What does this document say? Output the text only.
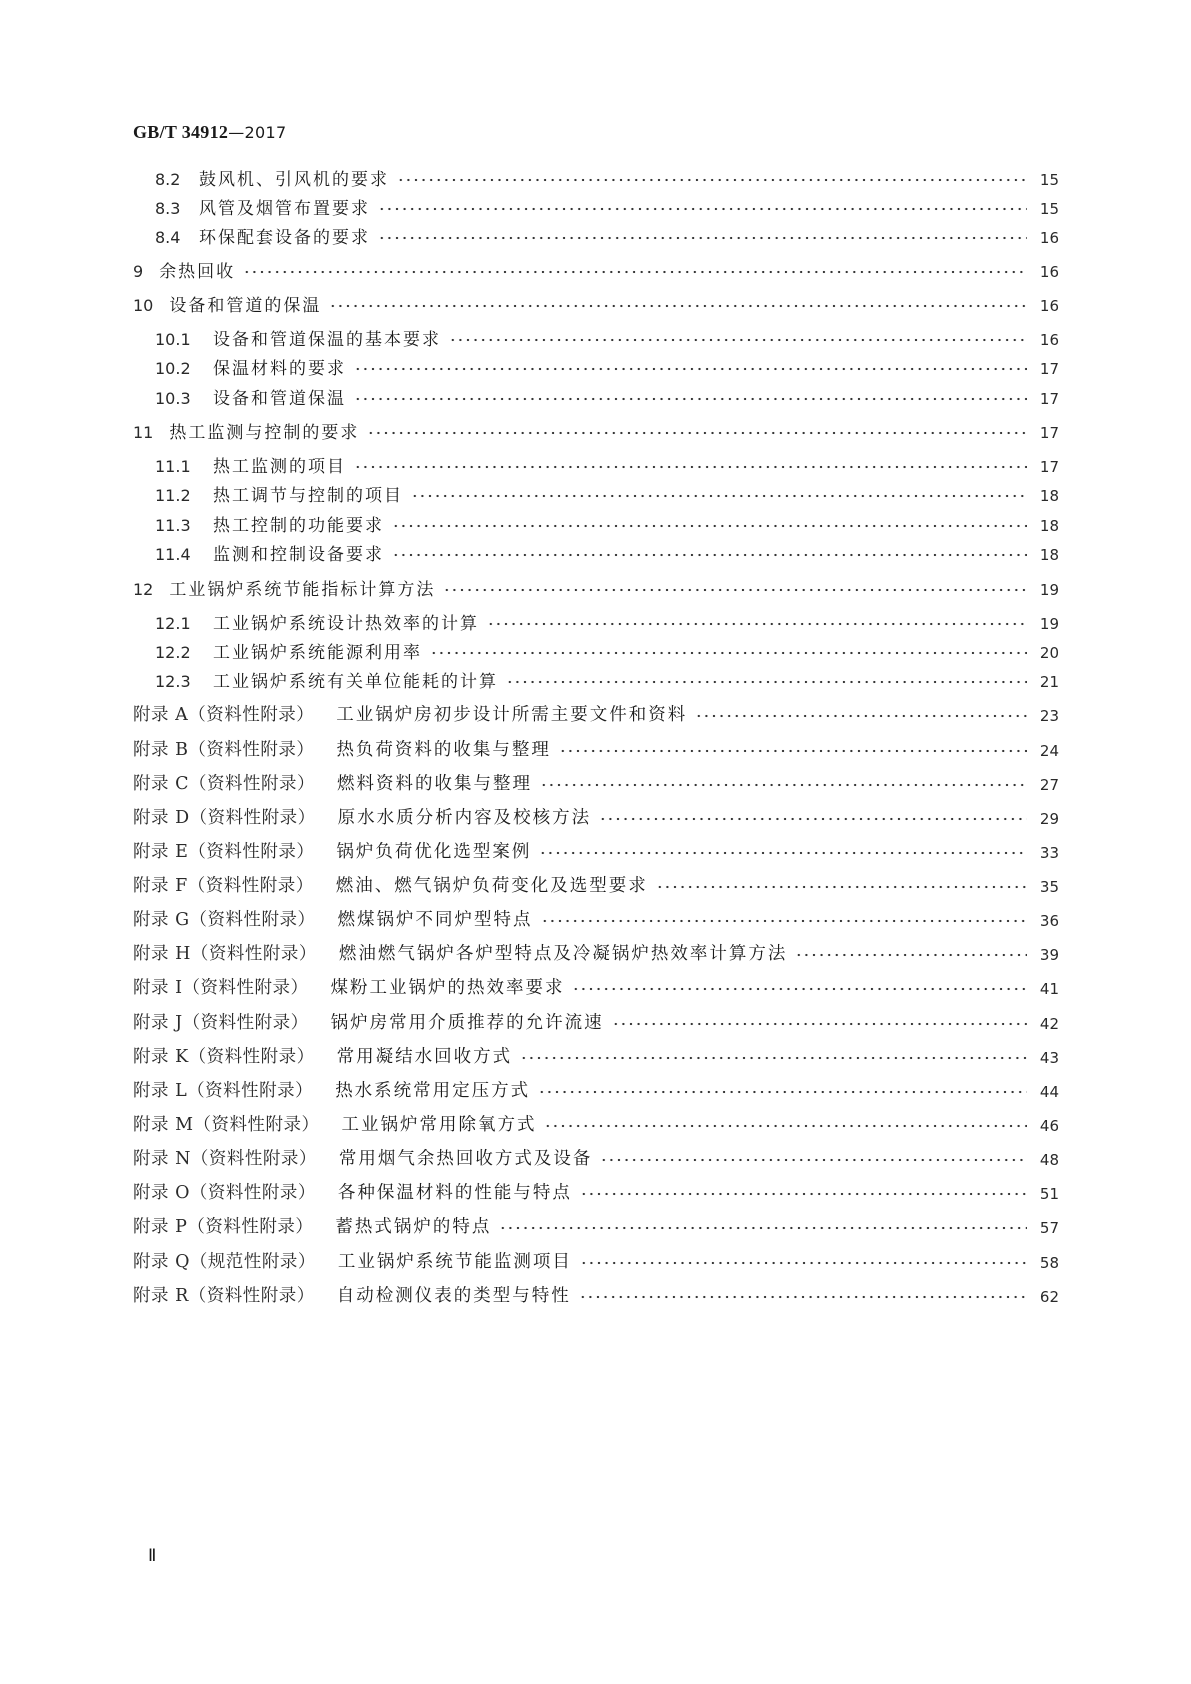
GB/T 34912—2017
8.2	鼓风机、引风机的要求	15
8.3	风管及烟管布置要求	15
8.4	环保配套设备的要求	16
9 余热回收	16
10 设备和管道的保温	16
10.1	设备和管道保温的基本要求	16
10.2	保温材料的要求	17
10.3	设备和管道保温	17
11 热工监测与控制的要求	17
11.1	热工监测的项目	17
11.2	热工调节与控制的项目	18
11.3	热工控制的功能要求	18
11.4	监测和控制设备要求	18
12 工业锅炉系统节能指标计算方法	19
12.1	工业锅炉系统设计热效率的计算	19
12.2	工业锅炉系统能源利用率	20
12.3	工业锅炉系统有关单位能耗的计算	21
附录 A（资料性附录） 工业锅炉房初步设计所需主要文件和资料	23
附录 B（资料性附录） 热负荷资料的收集与整理	24
附录 C（资料性附录） 燃料资料的收集与整理	27
附录 D（资料性附录） 原水水质分析内容及校核方法	29
附录 E（资料性附录） 锅炉负荷优化选型案例	33
附录 F（资料性附录） 燃油、燃气锅炉负荷变化及选型要求	35
附录 G（资料性附录） 燃煤锅炉不同炉型特点	36
附录 H（资料性附录） 燃油燃气锅炉各炉型特点及冷凝锅炉热效率计算方法	39
附录 I（资料性附录） 煤粉工业锅炉的热效率要求	41
附录 J（资料性附录） 锅炉房常用介质推荐的允许流速	42
附录 K（资料性附录） 常用凝结水回收方式	43
附录 L（资料性附录） 热水系统常用定压方式	44
附录 M（资料性附录） 工业锅炉常用除氧方式	46
附录 N（资料性附录） 常用烟气余热回收方式及设备	48
附录 O（资料性附录） 各种保温材料的性能与特点	51
附录 P（资料性附录） 蓄热式锅炉的特点	57
附录 Q（规范性附录） 工业锅炉系统节能监测项目	58
附录 R（资料性附录） 自动检测仪表的类型与特性	62
Ⅱ
